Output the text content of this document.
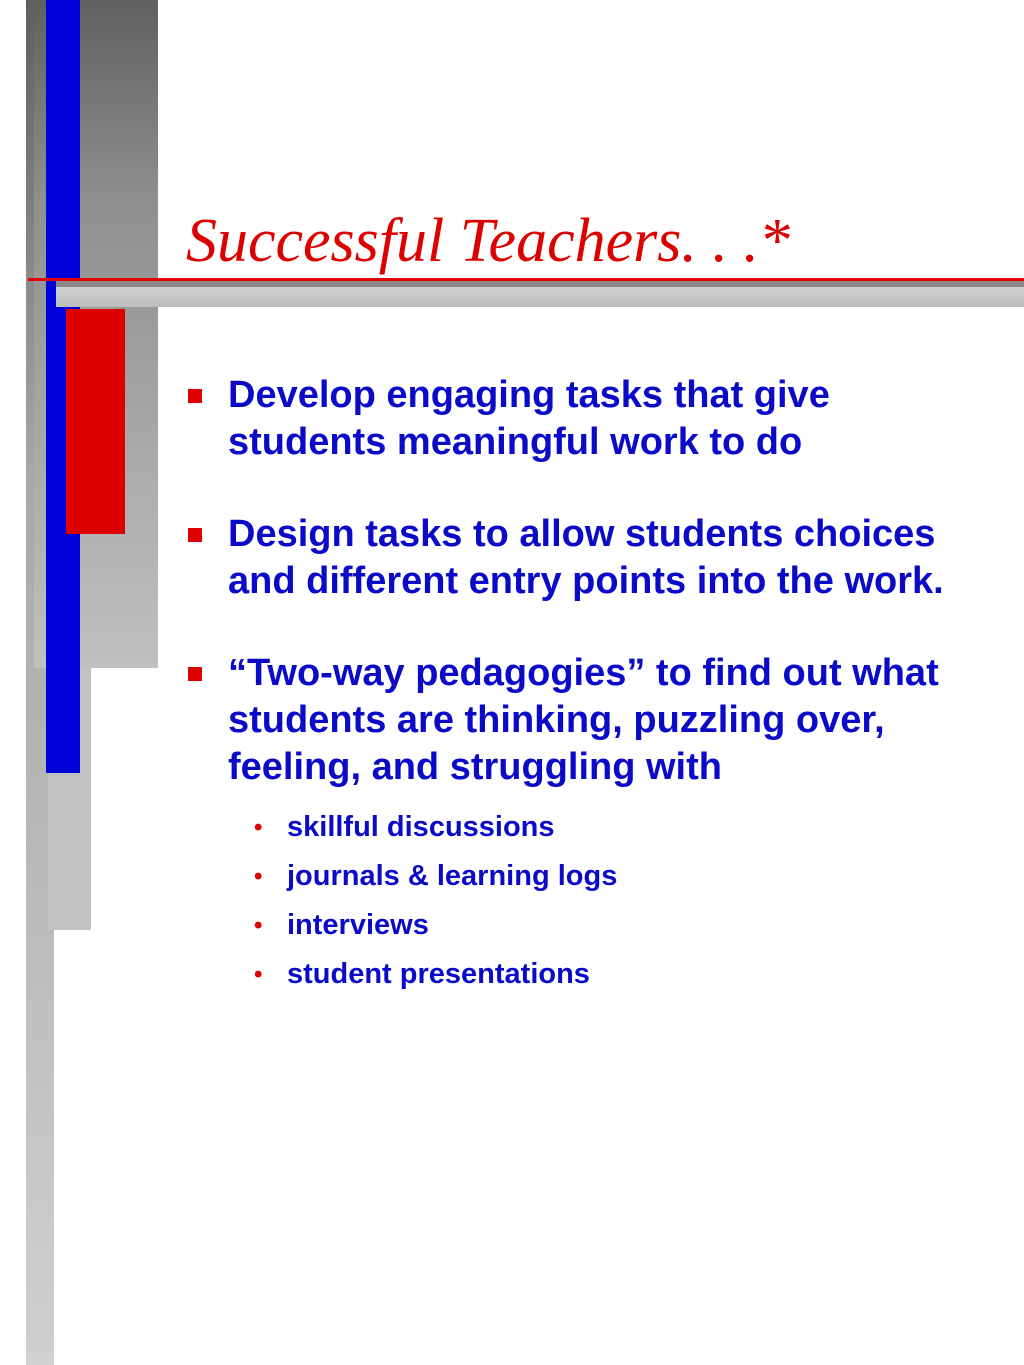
Successful Teachers. . .*
Develop engaging tasks that give students meaningful work to do
Design tasks to allow students choices and different entry points into the work.
“Two-way pedagogies” to find out what students are thinking, puzzling over, feeling, and struggling with
• skillful discussions
• journals & learning logs
• interviews
• student presentations
